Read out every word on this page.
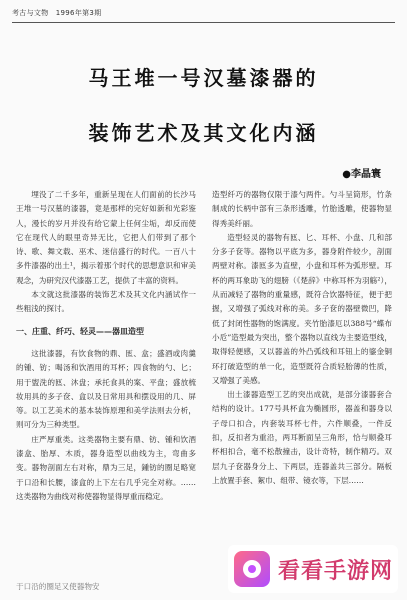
考古与文物　1996年第3期
马王堆一号汉墓漆器的
装饰艺术及其文化内涵
●李晶寰

埋没了二千多年，重新呈现在人们面前的长沙马王堆一号汉墓的漆器，竟是那样的完好如新和光彩鉴人，漫长的岁月并没有给它蒙上任何尘垢，却反而使它在现代人的眼里奇异无比，它把人们带到了那个诗、歌、舞文载、巫术、迷信盛行的时代。一百八十多件漆器的出土¹，揭示着那个时代的思想意识和审美观念，为研究汉代漆器工艺，提供了丰富的资料。

本文就这批漆器的装饰艺术及其文化内涵试作一些粗浅的探讨。

一、庄重、纤巧、轻灵——器皿造型

这批漆器，有饮食物的鼎、匜、盒；盛酒或肉羹的锺、钫；喝汤和饮酒用的耳杯；四食物的勺、匕；用于盥洗的匜、沐盘；承托食具的案、平盘；盛放梳妆用具的多子奁、盒以及日常用具和摆设用的几、屏等。以工艺美术的基本装饰原理和美学法则去分析，则可分为三种类型。

庄严厚重类。这类器物主要有鼎、钫、锺和饮酒漆盒、胎厚、木质，器身造型以曲线为主，弯曲多变。器物剖面左右对称，鼎为三足，鍾钫的圈足略宽于口沿和长腰，漆盒的上下左右几乎完全对称。……这类器物为曲线对称使器物显得厚重而稳定。

造型纤巧的器物仅限于漆勺两件。勺斗呈筒形，竹条制成的长柄中部有三条形透雕，竹胎透雕，使器物显得秀美纤丽。

造型轻灵的器物有匜、匕、耳杯、小盘、几和部分多子奁等。器物以平底为多，器身附件较少，剖面两壁对称。漆匜多为直壁，小盘和耳杯为弧形壁。耳杯的两耳象助飞的翅膀（《楚辞》中称耳杯为羽觞²），从而减轻了器物的重量感，既符合饮器特征，便于把握，又增强了弧线对称的美。多子奁的器壁微凹，降低了封闭性器物的饱满度。夹竹胎漆厄以388号“蝶布小卮”造型最为突出，整个器物以直线为主要造型线，取得轻便感，又以器盖的外凸弧线和耳钮上的鎏金铜环打破造型的单一化，造型既符合质轻胎薄的性质，又增强了美感。

出土漆器造型工艺的突出成就，是部分漆器套合结构的设计。177号具杯盒为椭圆形，器盖和器身以子母口扣合，内套装耳杯七件，六件顺叠，一件反扣，反扣者为重沿，两耳断面呈三角形，恰与顺叠耳杯相扣合，毫不松散撞击，设计奇特，制作精巧。双层九子奁器身分上、下两层，连器盖共三部分。隔板上放置手套、絮巾、组带、镜衣等，下层……

于口沿的圈足又使器物安
看看手游网
